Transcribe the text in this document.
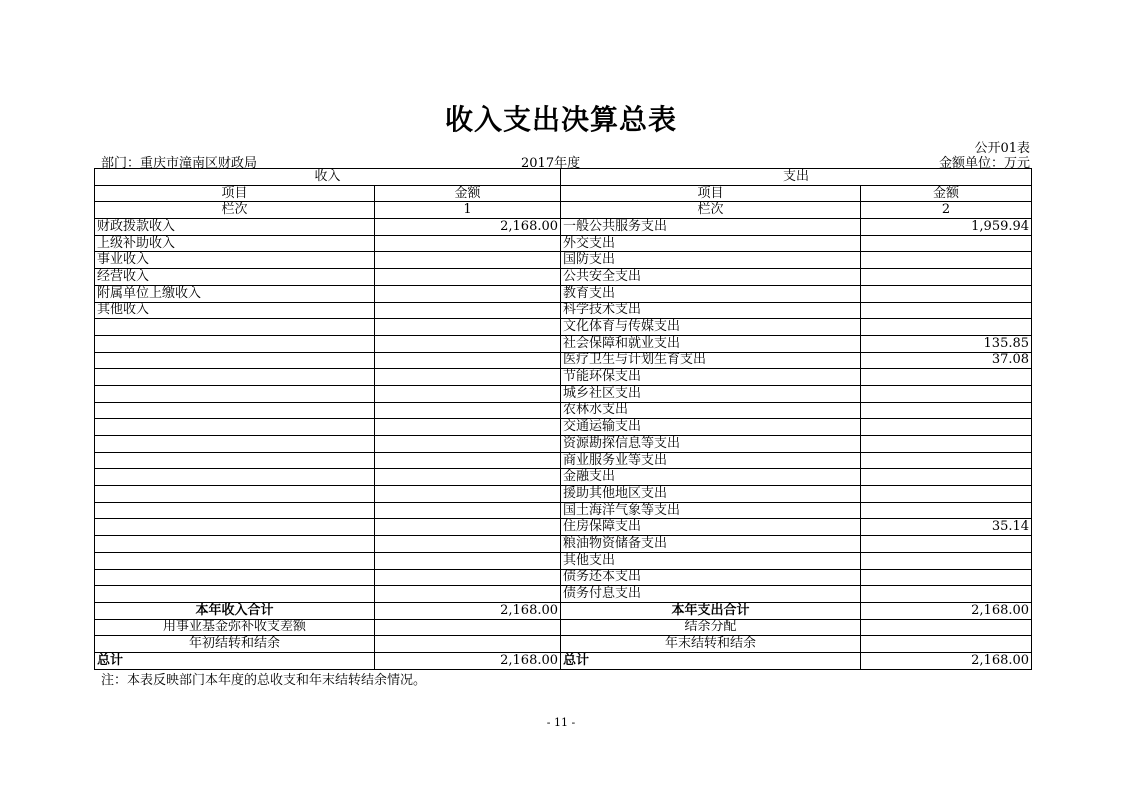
收入支出决算总表
公开01表
部门：重庆市潼南区财政局	2017年度	金额单位：万元
收入		支出	
项目	金额	项目	金额
栏次	1	栏次	2
财政拨款收入	2,168.00	一般公共服务支出	1,959.94
上级补助收入		外交支出	
事业收入		国防支出	
经营收入		公共安全支出	
附属单位上缴收入		教育支出	
其他收入		科学技术支出	
		文化体育与传媒支出	
		社会保障和就业支出	135.85
		医疗卫生与计划生育支出	37.08
		节能环保支出	
		城乡社区支出	
		农林水支出	
		交通运输支出	
		资源勘探信息等支出	
		商业服务业等支出	
		金融支出	
		援助其他地区支出	
		国土海洋气象等支出	
		住房保障支出	35.14
		粮油物资储备支出	
		其他支出	
		债务还本支出	
		债务付息支出	
本年收入合计	2,168.00	本年支出合计	2,168.00
用事业基金弥补收支差额		结余分配	
年初结转和结余		年末结转和结余	
总计	2,168.00	总计	2,168.00
注：本表反映部门本年度的总收支和年末结转结余情况。
- 11 -
